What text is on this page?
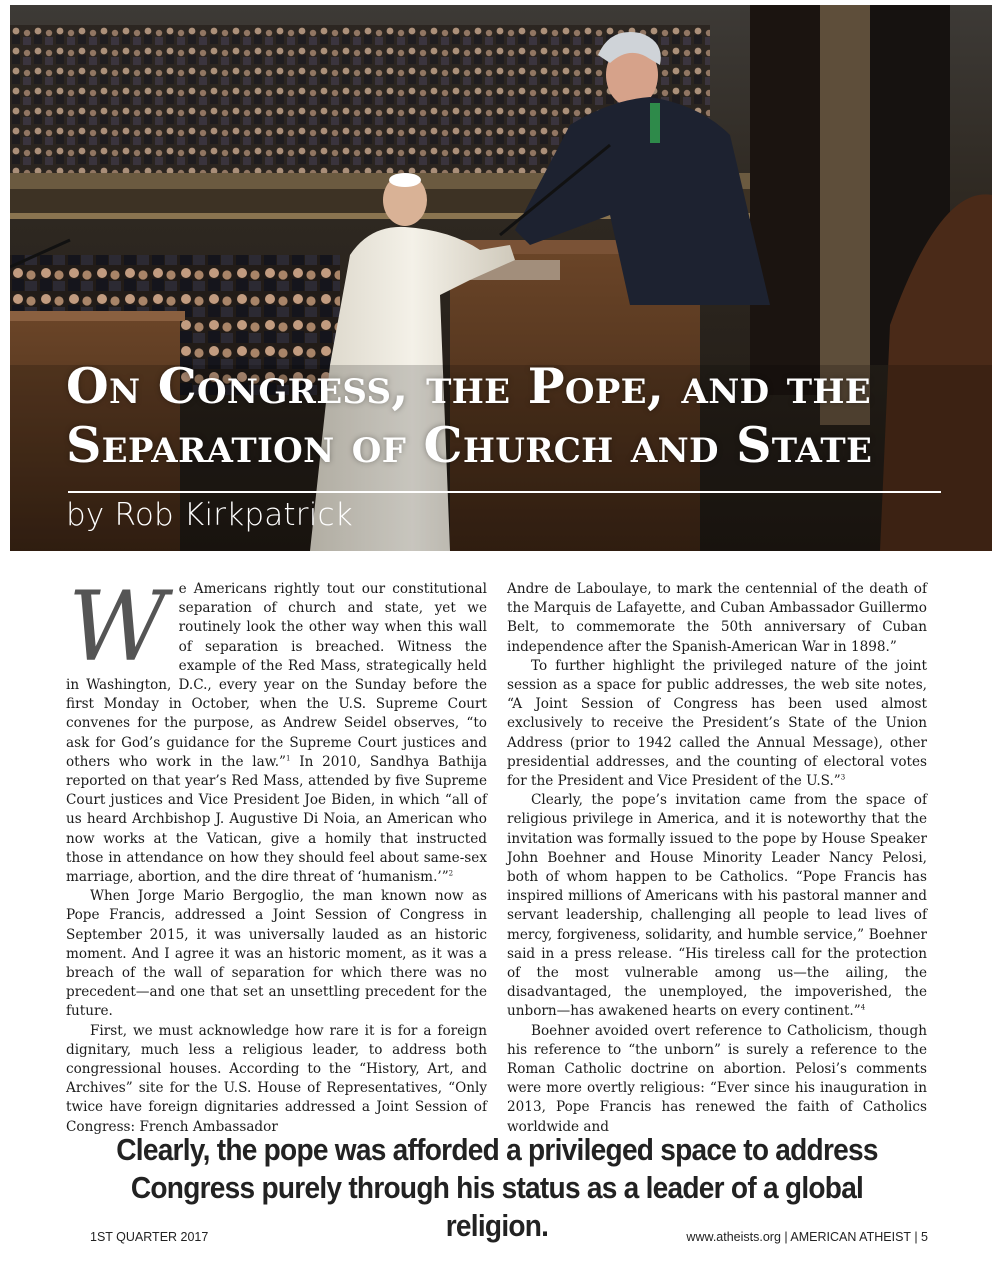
On Congress, the Pope, and the
Separation of Church and State
by Rob Kirkpatrick

We Americans rightly tout our constitutional separation of church and state, yet we routinely look the other way when this wall of separation is breached. Witness the example of the Red Mass, strategically held in Washington, D.C., every year on the Sunday before the first Monday in October, when the U.S. Supreme Court convenes for the purpose, as Andrew Seidel observes, “to ask for God’s guidance for the Supreme Court justices and others who work in the law.”$^1$ In 2010, Sandhya Bathija reported on that year’s Red Mass, attended by five Supreme Court justices and Vice President Joe Biden, in which “all of us heard Archbishop J. Augustive Di Noia, an American who now works at the Vatican, give a homily that instructed those in attendance on how they should feel about same-sex marriage, abortion, and the dire threat of ‘humanism.’”$^2$

When Jorge Mario Bergoglio, the man known now as Pope Francis, addressed a Joint Session of Congress in September 2015, it was universally lauded as an historic moment. And I agree it was an historic moment, as it was a breach of the wall of separation for which there was no precedent—and one that set an unsettling precedent for the future.

First, we must acknowledge how rare it is for a foreign dignitary, much less a religious leader, to address both congressional houses. According to the “History, Art, and Archives” site for the U.S. House of Representatives, “Only twice have foreign dignitaries addressed a Joint Session of Congress: French Ambassador

Andre de Laboulaye, to mark the centennial of the death of the Marquis de Lafayette, and Cuban Ambassador Guillermo Belt, to commemorate the 50th anniversary of Cuban independence after the Spanish-American War in 1898.”

To further highlight the privileged nature of the joint session as a space for public addresses, the web site notes, “A Joint Session of Congress has been used almost exclusively to receive the President’s State of the Union Address (prior to 1942 called the Annual Message), other presidential addresses, and the counting of electoral votes for the President and Vice President of the U.S.”$^3$

Clearly, the pope’s invitation came from the space of religious privilege in America, and it is noteworthy that the invitation was formally issued to the pope by House Speaker John Boehner and House Minority Leader Nancy Pelosi, both of whom happen to be Catholics. “Pope Francis has inspired millions of Americans with his pastoral manner and servant leadership, challenging all people to lead lives of mercy, forgiveness, solidarity, and humble service,” Boehner said in a press release. “His tireless call for the protection of the most vulnerable among us—the ailing, the disadvantaged, the unemployed, the impoverished, the unborn—has awakened hearts on every continent.”$^4$

Boehner avoided overt reference to Catholicism, though his reference to “the unborn” is surely a reference to the Roman Catholic doctrine on abortion. Pelosi’s comments were more overtly religious: “Ever since his inauguration in 2013, Pope Francis has renewed the faith of Catholics worldwide and

Clearly, the pope was afforded a privileged space to address
Congress purely through his status as a leader of a global religion.
1ST QUARTER 2017	www.atheists.org | AMERICAN ATHEIST | 5
